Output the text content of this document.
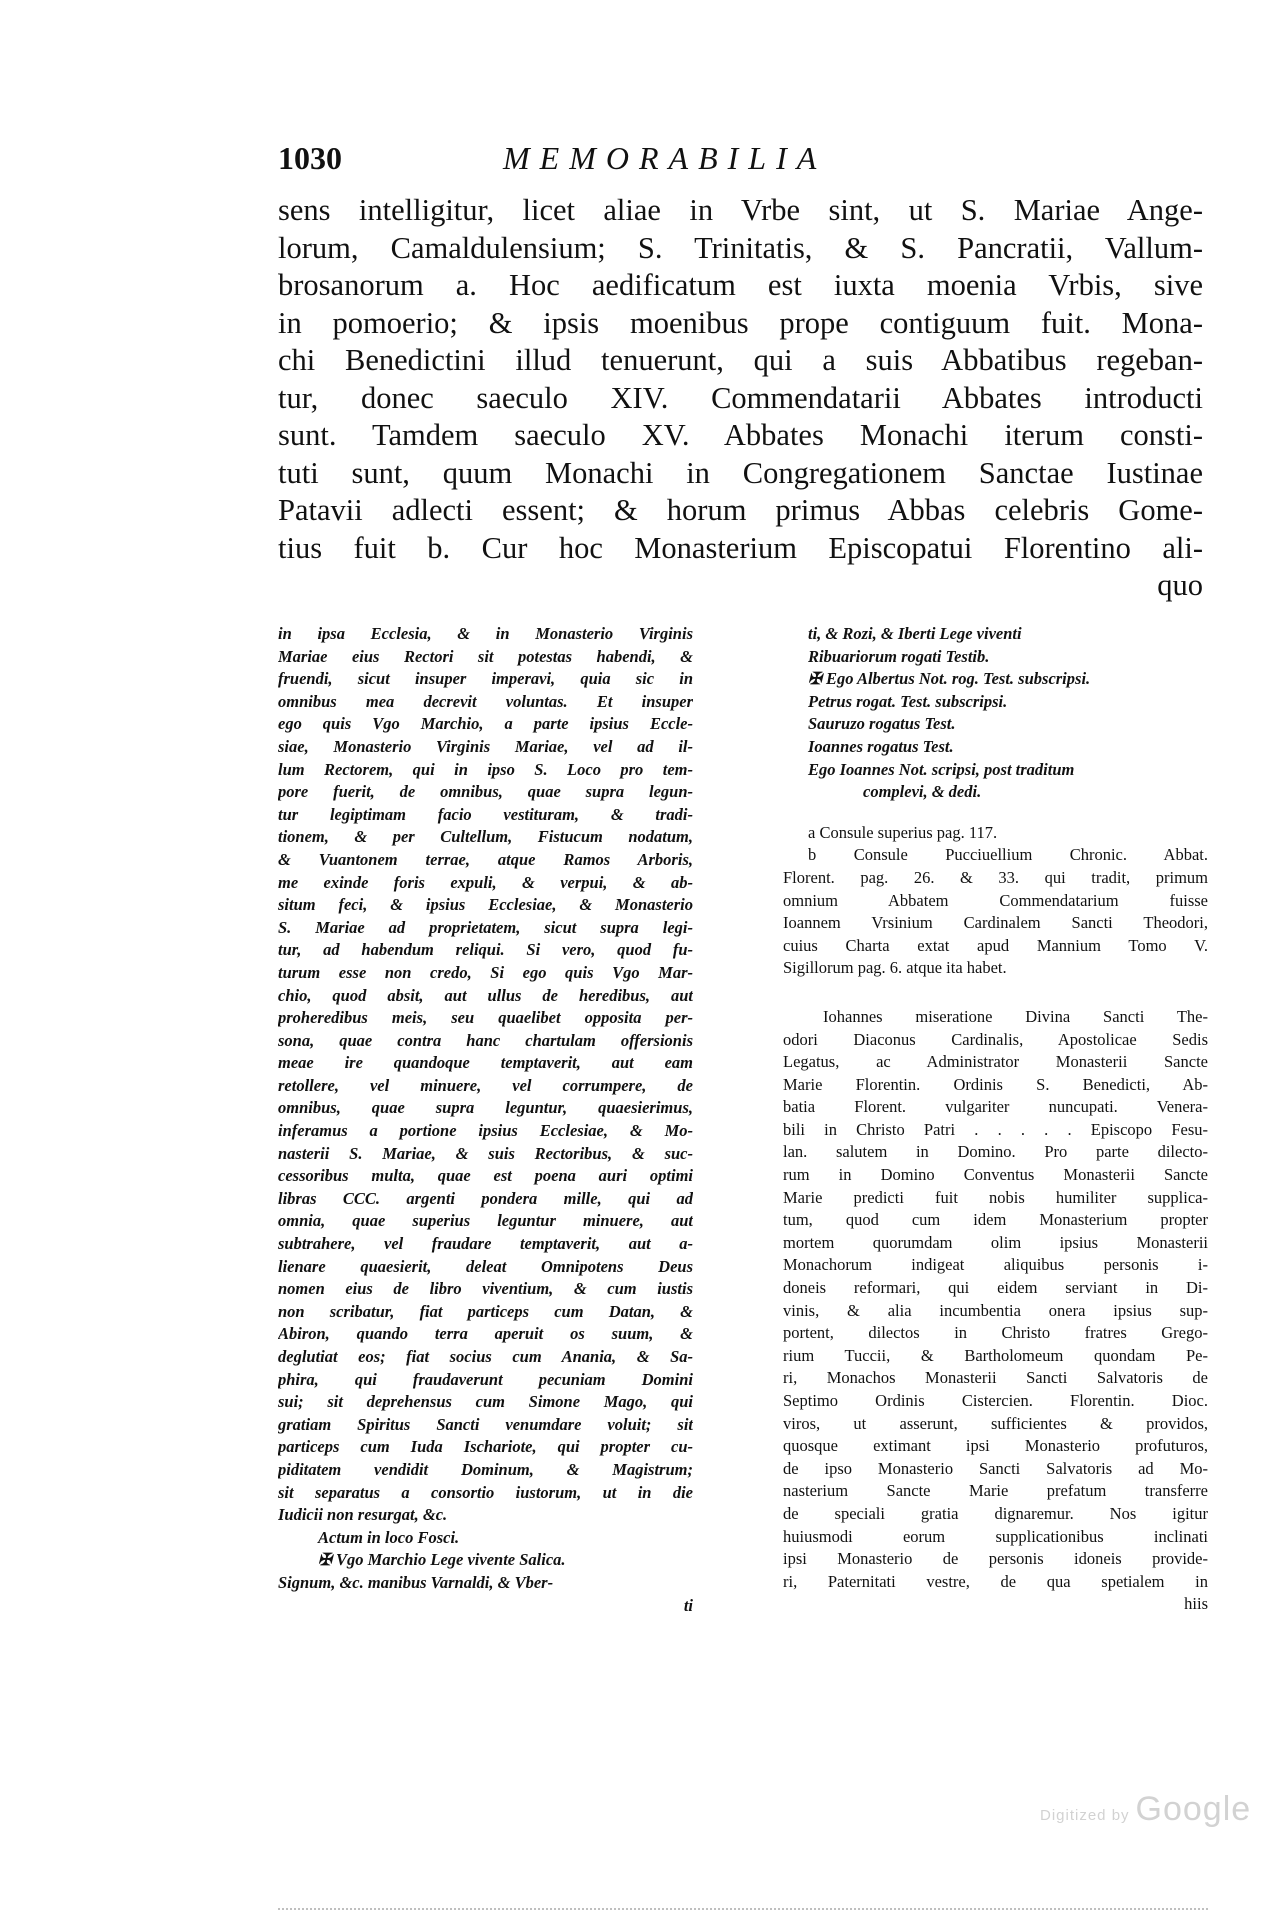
1030	MEMORABILIA
sens intelligitur, licet aliae in Vrbe sint, ut S. Mariae Ange-
lorum, Camaldulensium; S. Trinitatis, & S. Pancratii, Vallum-
brosanorum a. Hoc aedificatum est iuxta moenia Vrbis, sive
in pomoerio; & ipsis moenibus prope contiguum fuit. Mona-
chi Benedictini illud tenuerunt, qui a suis Abbatibus regeban-
tur, donec saeculo XIV. Commendatarii Abbates introducti
sunt. Tamdem saeculo XV. Abbates Monachi iterum consti-
tuti sunt, quum Monachi in Congregationem Sanctae Iustinae
Patavii adlecti essent; & horum primus Abbas celebris Gome-
tius fuit b. Cur hoc Monasterium Episcopatui Florentino ali-
quo
in ipsa Ecclesia, & in Monasterio Virginis
Mariae eius Rectori sit potestas habendi, &
fruendi, sicut insuper imperavi, quia sic in
omnibus mea decrevit voluntas. Et insuper
ego quis Vgo Marchio, a parte ipsius Eccle-
siae, Monasterio Virginis Mariae, vel ad il-
lum Rectorem, qui in ipso S. Loco pro tem-
pore fuerit, de omnibus, quae supra legun-
tur legiptimam facio vestituram, & tradi-
tionem, & per Cultellum, Fistucum nodatum,
& Vuantonem terrae, atque Ramos Arboris,
me exinde foris expuli, & verpui, & ab-
situm feci, & ipsius Ecclesiae, & Monasterio
S. Mariae ad proprietatem, sicut supra legi-
tur, ad habendum reliqui. Si vero, quod fu-
turum esse non credo, Si ego quis Vgo Mar-
chio, quod absit, aut ullus de heredibus, aut
proheredibus meis, seu quaelibet opposita per-
sona, quae contra hanc chartulam offersionis
meae ire quandoque temptaverit, aut eam
retollere, vel minuere, vel corrumpere, de
omnibus, quae supra leguntur, quaesierimus,
inferamus a portione ipsius Ecclesiae, & Mo-
nasterii S. Mariae, & suis Rectoribus, & suc-
cessoribus multa, quae est poena auri optimi
libras CCC. argenti pondera mille, qui ad
omnia, quae superius leguntur minuere, aut
subtrahere, vel fraudare temptaverit, aut a-
lienare quaesierit, deleat Omnipotens Deus
nomen eius de libro viventium, & cum iustis
non scribatur, fiat particeps cum Datan, &
Abiron, quando terra aperuit os suum, &
deglutiat eos; fiat socius cum Anania, & Sa-
phira, qui fraudaverunt pecuniam Domini
sui; sit deprehensus cum Simone Mago, qui
gratiam Spiritus Sancti venumdare voluit; sit
particeps cum Iuda Ischariote, qui propter cu-
piditatem vendidit Dominum, & Magistrum;
sit separatus a consortio iustorum, ut in die
Iudicii non resurgat, &c.
Actum in loco Fosci.
✠ Vgo Marchio Lege vivente Salica.
Signum, &c. manibus Varnaldi, & Vber-
ti
ti, & Rozi, & Iberti Lege viventi
Ribuariorum rogati Testib.
✠ Ego Albertus Not. rog. Test. subscripsi.
Petrus rogat. Test. subscripsi.
Sauruzo rogatus Test.
Ioannes rogatus Test.
Ego Ioannes Not. scripsi, post traditum
complevi, & dedi.
a Consule superius pag. 117.
b Consule Pucciuellium Chronic. Abbat.
Florent. pag. 26. & 33. qui tradit, primum
omnium Abbatem Commendatarium fuisse
Ioannem Vrsinium Cardinalem Sancti Theodori,
cuius Charta extat apud Mannium Tomo V.
Sigillorum pag. 6. atque ita habet.
Iohannes miseratione Divina Sancti The-
odori Diaconus Cardinalis, Apostolicae Sedis
Legatus, ac Administrator Monasterii Sancte
Marie Florentin. Ordinis S. Benedicti, Ab-
batia Florent. vulgariter nuncupati. Venera-
bili in Christo Patri . . . . . Episcopo Fesu-
lan. salutem in Domino. Pro parte dilecto-
rum in Domino Conventus Monasterii Sancte
Marie predicti fuit nobis humiliter supplica-
tum, quod cum idem Monasterium propter
mortem quorumdam olim ipsius Monasterii
Monachorum indigeat aliquibus personis i-
doneis reformari, qui eidem serviant in Di-
vinis, & alia incumbentia onera ipsius sup-
portent, dilectos in Christo fratres Grego-
rium Tuccii, & Bartholomeum quondam Pe-
ri, Monachos Monasterii Sancti Salvatoris de
Septimo Ordinis Cistercien. Florentin. Dioc.
viros, ut asserunt, sufficientes & providos,
quosque extimant ipsi Monasterio profuturos,
de ipso Monasterio Sancti Salvatoris ad Mo-
nasterium Sancte Marie prefatum transferre
de speciali gratia dignaremur. Nos igitur
huiusmodi eorum supplicationibus inclinati
ipsi Monasterio de personis idoneis provide-
ri, Paternitati vestre, de qua spetialem in
hiis
Digitized by Google
